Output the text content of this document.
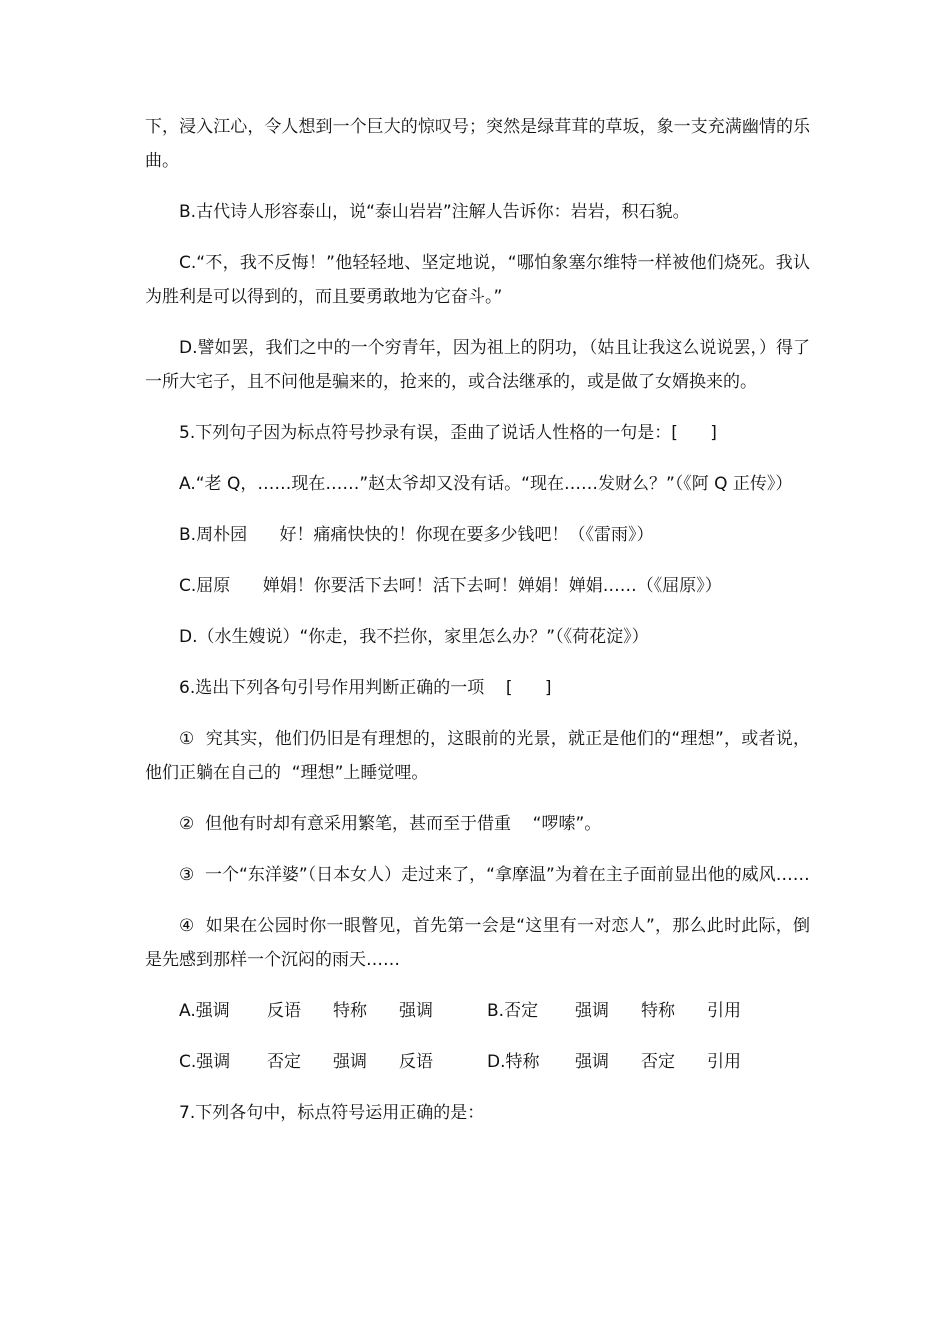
下，浸入江心，令人想到一个巨大的惊叹号；突然是绿茸茸的草坂，象一支充满幽情的乐曲。

B.古代诗人形容泰山，说“泰山岩岩”注解人告诉你：岩岩，积石貌。

C.“不，我不反悔！”他轻轻地、坚定地说，“哪怕象塞尔维特一样被他们烧死。我认为胜利是可以得到的，而且要勇敢地为它奋斗。”

D.譬如罢，我们之中的一个穷青年，因为祖上的阴功，（姑且让我这么说说罢，）得了一所大宅子，且不问他是骗来的，抢来的，或合法继承的，或是做了女婿换来的。

5.下列句子因为标点符号抄录有误，歪曲了说话人性格的一句是：[      ]

A.“老 Q，……现在……”赵太爷却又没有话。“现在……发财么？”（《阿 Q 正传》）

B.周朴园      好！痛痛快快的！你现在要多少钱吧！（《雷雨》）

C.屈原      婵娟！你要活下去呵！活下去呵！婵娟！婵娟……（《屈原》）

D.（水生嫂说）“你走，我不拦你，家里怎么办？”（《荷花淀》）

6.选出下列各句引号作用判断正确的一项    [      ]

①  究其实，他们仍旧是有理想的，这眼前的光景，就正是他们的“理想”，或者说，他们正躺在自己的  “理想”上睡觉哩。

②  但他有时却有意采用繁笔，甚而至于借重    “啰嗦”。

③  一个“东洋婆”（日本女人）走过来了，“拿摩温”为着在主子面前显出他的威风……

④  如果在公园时你一眼瞥见，首先第一会是“这里有一对恋人”，那么此时此际，倒是先感到那样一个沉闷的雨天……

A.强调	反语	特称	强调	B.否定	强调	特称	引用
C.强调	否定	强调	反语	D.特称	强调	否定	引用

7.下列各句中，标点符号运用正确的是：
